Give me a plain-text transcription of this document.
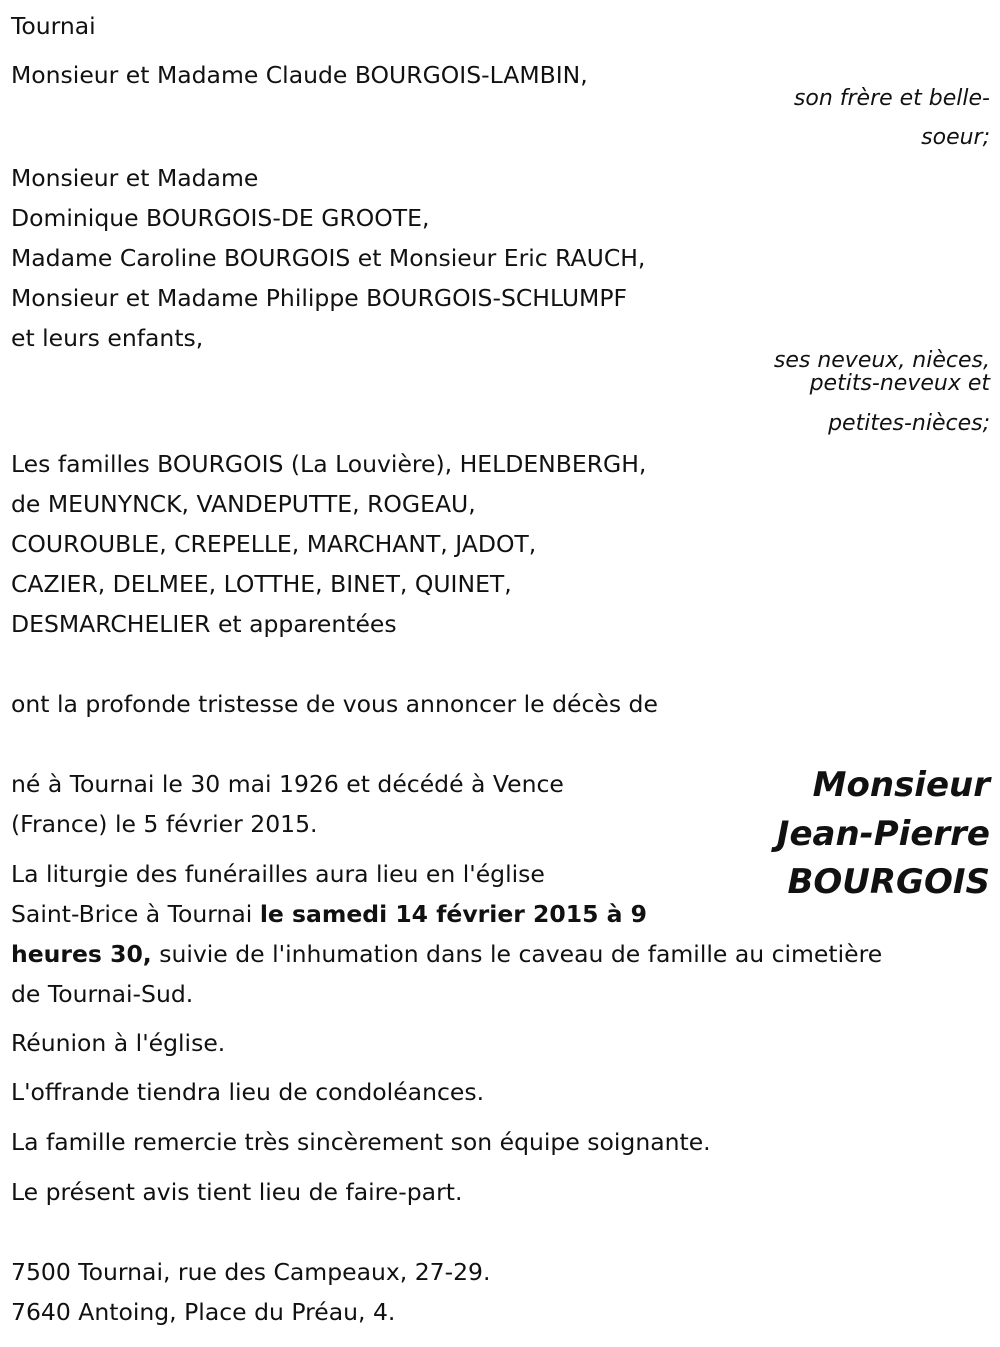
Tournai

Monsieur et Madame Claude BOURGOIS-LAMBIN,

son frère et belle-

soeur;

Monsieur et Madame

Dominique BOURGOIS-DE GROOTE,

Madame Caroline BOURGOIS et Monsieur Eric RAUCH,

Monsieur et Madame Philippe BOURGOIS-SCHLUMPF

et leurs enfants,

ses neveux, nièces,

petits-neveux et

petites-nièces;

Les familles BOURGOIS (La Louvière), HELDENBERGH,

de MEUNYNCK, VANDEPUTTE, ROGEAU,

COUROUBLE, CREPELLE, MARCHANT, JADOT,

CAZIER, DELMEE, LOTTHE, BINET, QUINET,

DESMARCHELIER et apparentées

ont la profonde tristesse de vous annoncer le décès de

Monsieur

Jean-Pierre

BOURGOIS

né à Tournai le 30 mai 1926 et décédé à Vence

(France) le 5 février 2015.

La liturgie des funérailles aura lieu en l'église

Saint-Brice à Tournai le samedi 14 février 2015 à 9

heures 30, suivie de l'inhumation dans le caveau de famille au cimetière

de Tournai-Sud.

Réunion à l'église.

L'offrande tiendra lieu de condoléances.

La famille remercie très sincèrement son équipe soignante.

Le présent avis tient lieu de faire-part.

7500 Tournai, rue des Campeaux, 27-29.

7640 Antoing, Place du Préau, 4.
